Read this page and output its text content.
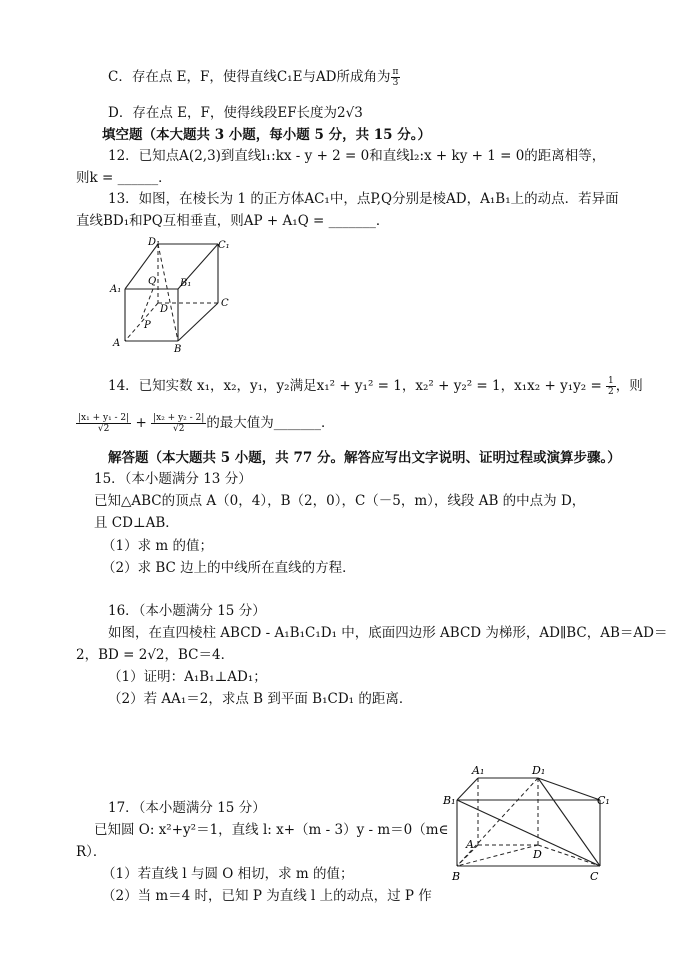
C．存在点 E，F，使得直线C₁E与AD所成角为 $\frac{\pi}{3}$
D．存在点 E，F，使得线段EF长度为2√3
填空题（本大题共 3 小题，每小题 5 分，共 15 分。）
12．已知点A(2,3)到直线l₁:kx - y + 2 = 0和直线l₂:x + ky + 1 = 0的距离相等，
则k = ______．
13．如图，在棱长为 1 的正方体AC₁中，点P,Q分别是棱AD，A₁B₁上的动点．若异面
直线BD₁和PQ互相垂直，则AP + A₁Q = _______．
D₁	C₁
A₁
B₁
Q
D
C
P
A
B
14．已知实数 x₁，x₂，y₁，y₂满足x₁² + y₁² = 1，x₂² + y₂² = 1，$x_1x_2 + y_1y_2 = \frac{1}{2}$ ，则
$\frac{\text{|x₁ + y₁ - 2|}}{√2} + \frac{\text{|x₂ + y₂ - 2|}}{√2}$ 的最大值为_______．
解答题（本大题共 5 小题，共 77 分。解答应写出文字说明、证明过程或演算步骤。）
15．（本小题满分 13 分）
已知△ABC的顶点 A（0，4），B（2，0），C（－5，m），线段 AB 的中点为 D，
且 CD⊥AB．
（1）求 m 的值；
（2）求 BC 边上的中线所在直线的方程．
16．（本小题满分 15 分）
如图，在直四棱柱 ABCD - A₁B₁C₁D₁ 中，底面四边形 ABCD 为梯形，AD∥BC，AB＝AD＝
2，BD = 2√2，BC＝4．
（1）证明：A₁B₁⊥AD₁；
（2）若 AA₁＝2，求点 B 到平面 B₁CD₁ 的距离．
A₁	D₁
B₁	C₁
A
D
B	C
17．（本小题满分 15 分）
已知圆 O: x²+y²＝1，直线 l: x+（m - 3）y - m＝0（m∈
R）．
（1）若直线 l 与圆 O 相切，求 m 的值；
（2）当 m＝4 时，已知 P 为直线 l 上的动点，过 P 作
